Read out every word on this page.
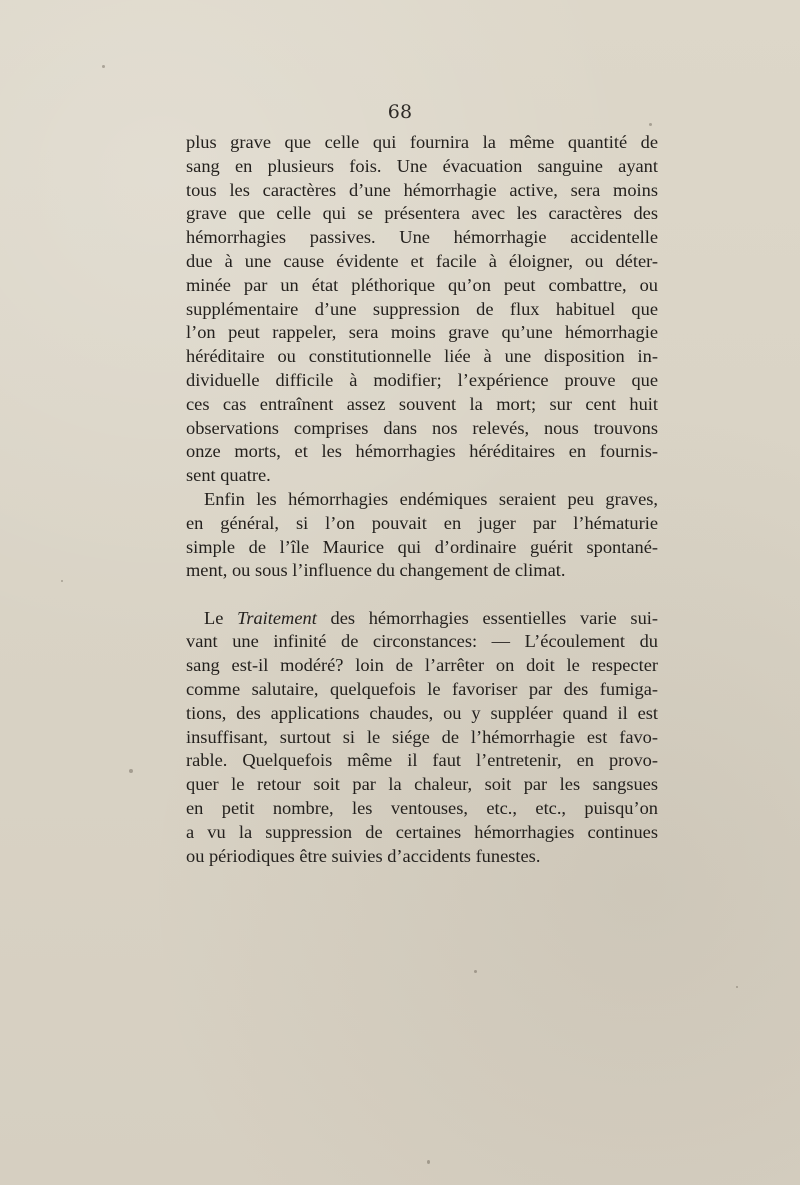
68
plus grave que celle qui fournira la même quantité de
sang en plusieurs fois. Une évacuation sanguine ayant
tous les caractères d’une hémorrhagie active, sera moins
grave que celle qui se présentera avec les caractères des
hémorrhagies passives. Une hémorrhagie accidentelle
due à une cause évidente et facile à éloigner, ou déter-
minée par un état pléthorique qu’on peut combattre, ou
supplémentaire d’une suppression de flux habituel que
l’on peut rappeler, sera moins grave qu’une hémorrhagie
héréditaire ou constitutionnelle liée à une disposition in-
dividuelle difficile à modifier; l’expérience prouve que
ces cas entraînent assez souvent la mort; sur cent huit
observations comprises dans nos relevés, nous trouvons
onze morts, et les hémorrhagies héréditaires en fournis-
sent quatre.
Enfin les hémorrhagies endémiques seraient peu graves,
en général, si l’on pouvait en juger par l’hématurie
simple de l’île Maurice qui d’ordinaire guérit spontané-
ment, ou sous l’influence du changement de climat.
Le Traitement des hémorrhagies essentielles varie sui-
vant une infinité de circonstances: — L’écoulement du
sang est-il modéré? loin de l’arrêter on doit le respecter
comme salutaire, quelquefois le favoriser par des fumiga-
tions, des applications chaudes, ou y suppléer quand il est
insuffisant, surtout si le siége de l’hémorrhagie est favo-
rable. Quelquefois même il faut l’entretenir, en provo-
quer le retour soit par la chaleur, soit par les sangsues
en petit nombre, les ventouses, etc., etc., puisqu’on
a vu la suppression de certaines hémorrhagies continues
ou périodiques être suivies d’accidents funestes.
